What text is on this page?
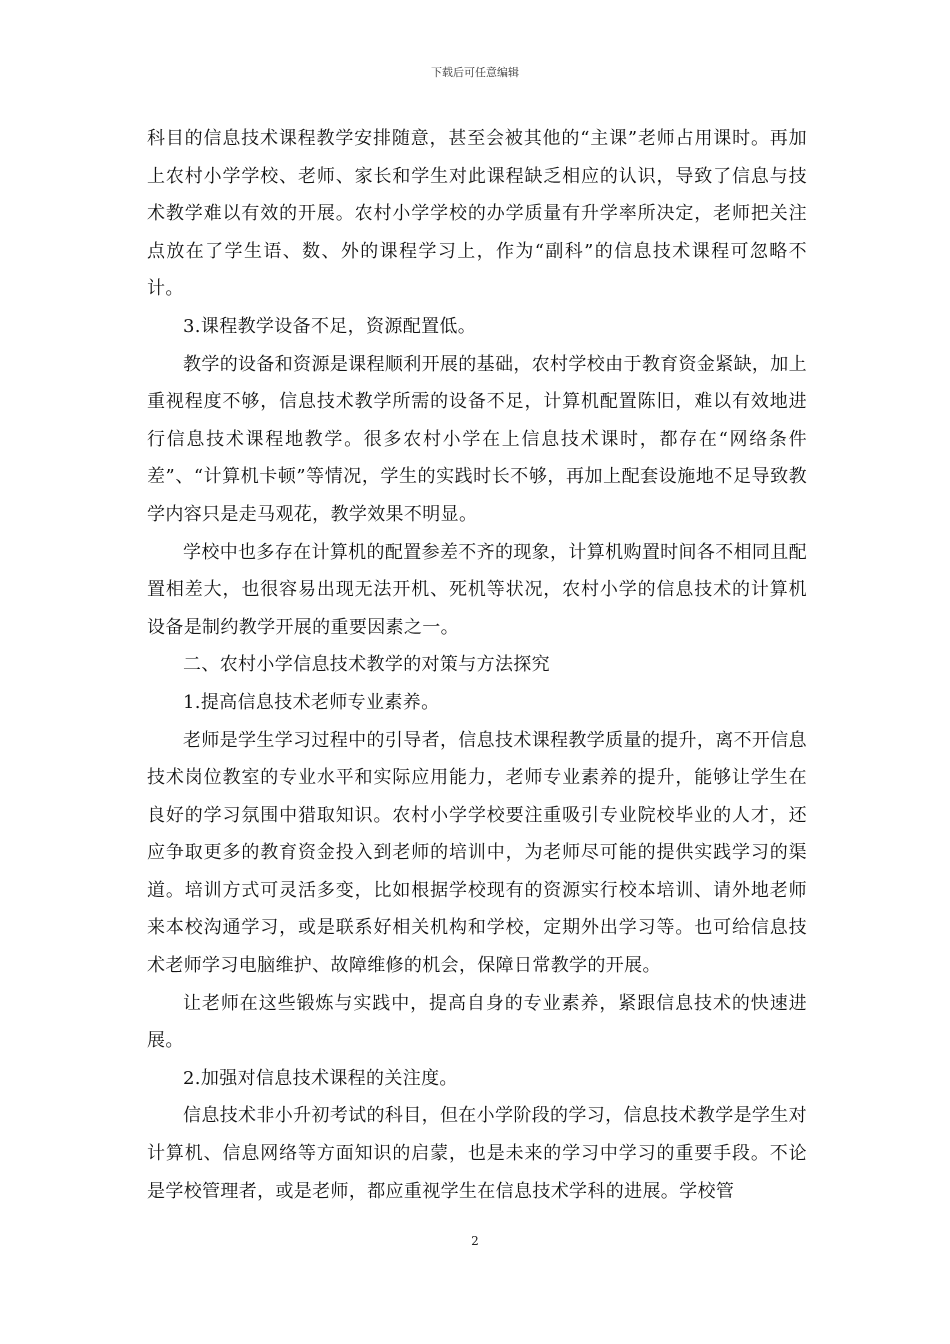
下载后可任意编辑

科目的信息技术课程教学安排随意，甚至会被其他的“主课”老师占用课时。再加上农村小学学校、老师、家长和学生对此课程缺乏相应的认识，导致了信息与技术教学难以有效的开展。农村小学学校的办学质量有升学率所决定，老师把关注点放在了学生语、数、外的课程学习上，作为“副科”的信息技术课程可忽略不计。

3.课程教学设备不足，资源配置低。

教学的设备和资源是课程顺利开展的基础，农村学校由于教育资金紧缺，加上重视程度不够，信息技术教学所需的设备不足，计算机配置陈旧，难以有效地进行信息技术课程地教学。很多农村小学在上信息技术课时，都存在“网络条件差”、“计算机卡顿”等情况，学生的实践时长不够，再加上配套设施地不足导致教学内容只是走马观花，教学效果不明显。

学校中也多存在计算机的配置参差不齐的现象，计算机购置时间各不相同且配置相差大，也很容易出现无法开机、死机等状况，农村小学的信息技术的计算机设备是制约教学开展的重要因素之一。

二、农村小学信息技术教学的对策与方法探究

1.提高信息技术老师专业素养。

老师是学生学习过程中的引导者，信息技术课程教学质量的提升，离不开信息技术岗位教室的专业水平和实际应用能力，老师专业素养的提升，能够让学生在良好的学习氛围中猎取知识。农村小学学校要注重吸引专业院校毕业的人才，还应争取更多的教育资金投入到老师的培训中，为老师尽可能的提供实践学习的渠道。培训方式可灵活多变，比如根据学校现有的资源实行校本培训、请外地老师来本校沟通学习，或是联系好相关机构和学校，定期外出学习等。也可给信息技术老师学习电脑维护、故障维修的机会，保障日常教学的开展。

让老师在这些锻炼与实践中，提高自身的专业素养，紧跟信息技术的快速进展。

2.加强对信息技术课程的关注度。

信息技术非小升初考试的科目，但在小学阶段的学习，信息技术教学是学生对计算机、信息网络等方面知识的启蒙，也是未来的学习中学习的重要手段。不论是学校管理者，或是老师，都应重视学生在信息技术学科的进展。学校管

2
